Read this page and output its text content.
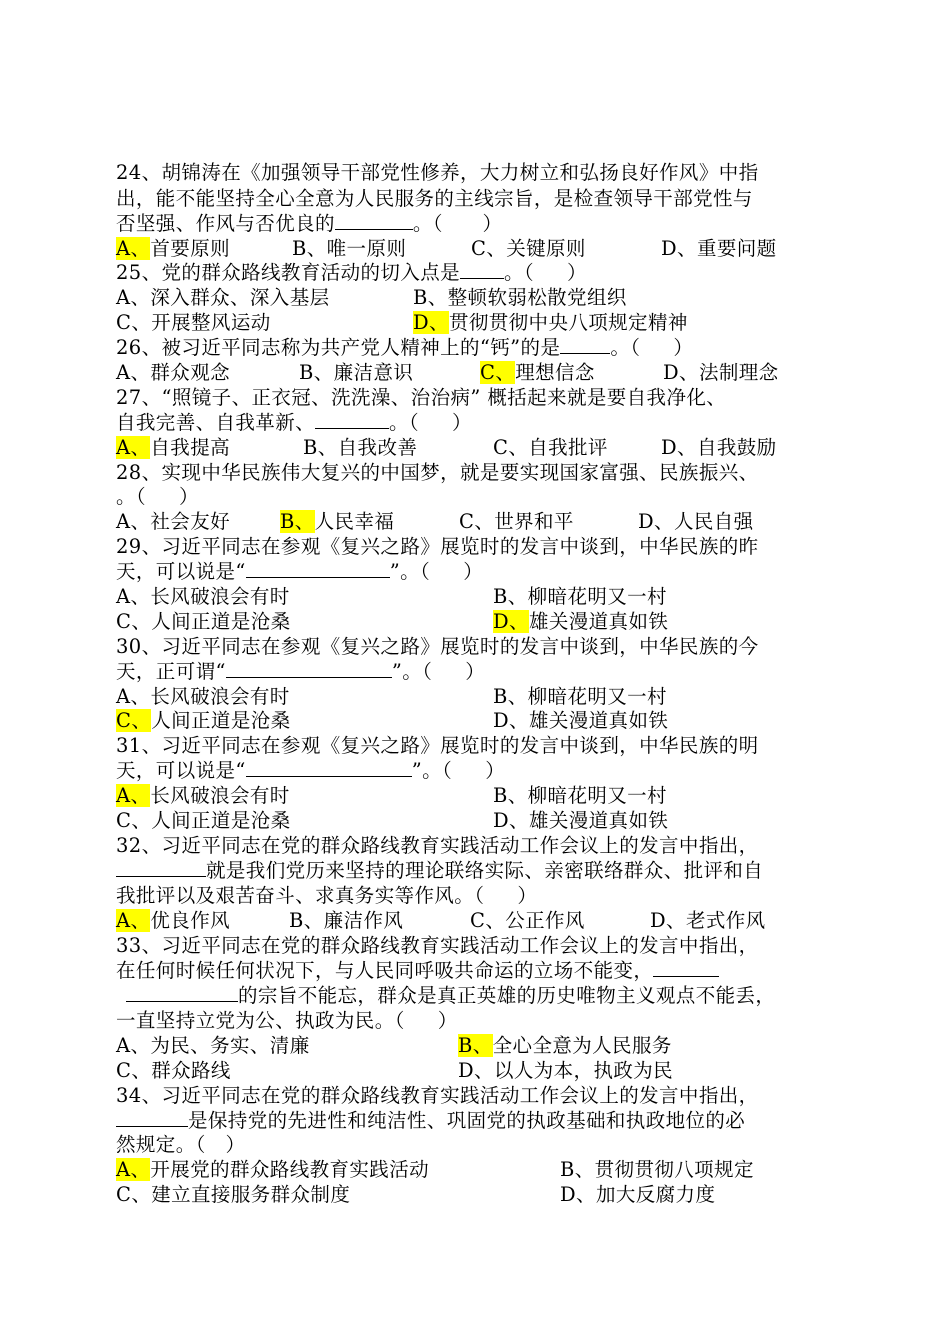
24、胡锦涛在《加强领导干部党性修养，大力树立和弘扬良好作风》中指
出，能不能坚持全心全意为人民服务的主线宗旨，是检查领导干部党性与
否坚强、作风与否优良的	。（      ）

A、首要原则

	B、唯一原则

	C、关键原则

	D、重要问题

25、党的群众路线教育活动的切入点是 。（     ）

A、深入群众、深入基层

	B、整顿软弱松散党组织

C、开展整风运动

	D、贯彻贯彻中央八项规定精神

26、被习近平同志称为共产党人精神上的“钙”的是	。（     ）

A、群众观念

	B、廉洁意识

	C、理想信念

	D、法制理念

27、“照镜子、正衣冠、洗洗澡、治治病” 概括起来就是要自我净化、
自我完善、自我革新、	。（     ）

A、自我提高

	B、自我改善

	C、自我批评

	D、自我鼓励

28、实现中华民族伟大复兴的中国梦，就是要实现国家富强、民族振兴、
。（     ）

A、社会友好

	B、人民幸福

	C、世界和平

	D、人民自强

29、习近平同志在参观《复兴之路》展览时的发言中谈到，中华民族的昨
天，可以说是“	”。（     ）

A、长风破浪会有时

	B、柳暗花明又一村

C、人间正道是沧桑

	D、雄关漫道真如铁

30、习近平同志在参观《复兴之路》展览时的发言中谈到，中华民族的今
天，正可谓“	”。（     ）

A、长风破浪会有时

	B、柳暗花明又一村

C、人间正道是沧桑

	D、雄关漫道真如铁

31、习近平同志在参观《复兴之路》展览时的发言中谈到，中华民族的明
天，可以说是“	”。（     ）

A、长风破浪会有时

	B、柳暗花明又一村

C、人间正道是沧桑

	D、雄关漫道真如铁

32、习近平同志在党的群众路线教育实践活动工作会议上的发言中指出，
就是我们党历来坚持的理论联络实际、亲密联络群众、批评和自
我批评以及艰苦奋斗、求真务实等作风。（     ）

A、优良作风

	B、廉洁作风

	C、公正作风

	D、老式作风

33、习近平同志在党的群众路线教育实践活动工作会议上的发言中指出，
在任何时候任何状况下，与人民同呼吸共命运的立场不能变，
的宗旨不能忘，群众是真正英雄的历史唯物主义观点不能丢，
一直坚持立党为公、执政为民。（     ）

A、为民、务实、清廉

	B、全心全意为人民服务

C、群众路线

	D、以人为本，执政为民

34、习近平同志在党的群众路线教育实践活动工作会议上的发言中指出，
是保持党的先进性和纯洁性、巩固党的执政基础和执政地位的必
然规定。（   ）

A、开展党的群众路线教育实践活动

	B、贯彻贯彻八项规定

C、建立直接服务群众制度

	D、加大反腐力度
